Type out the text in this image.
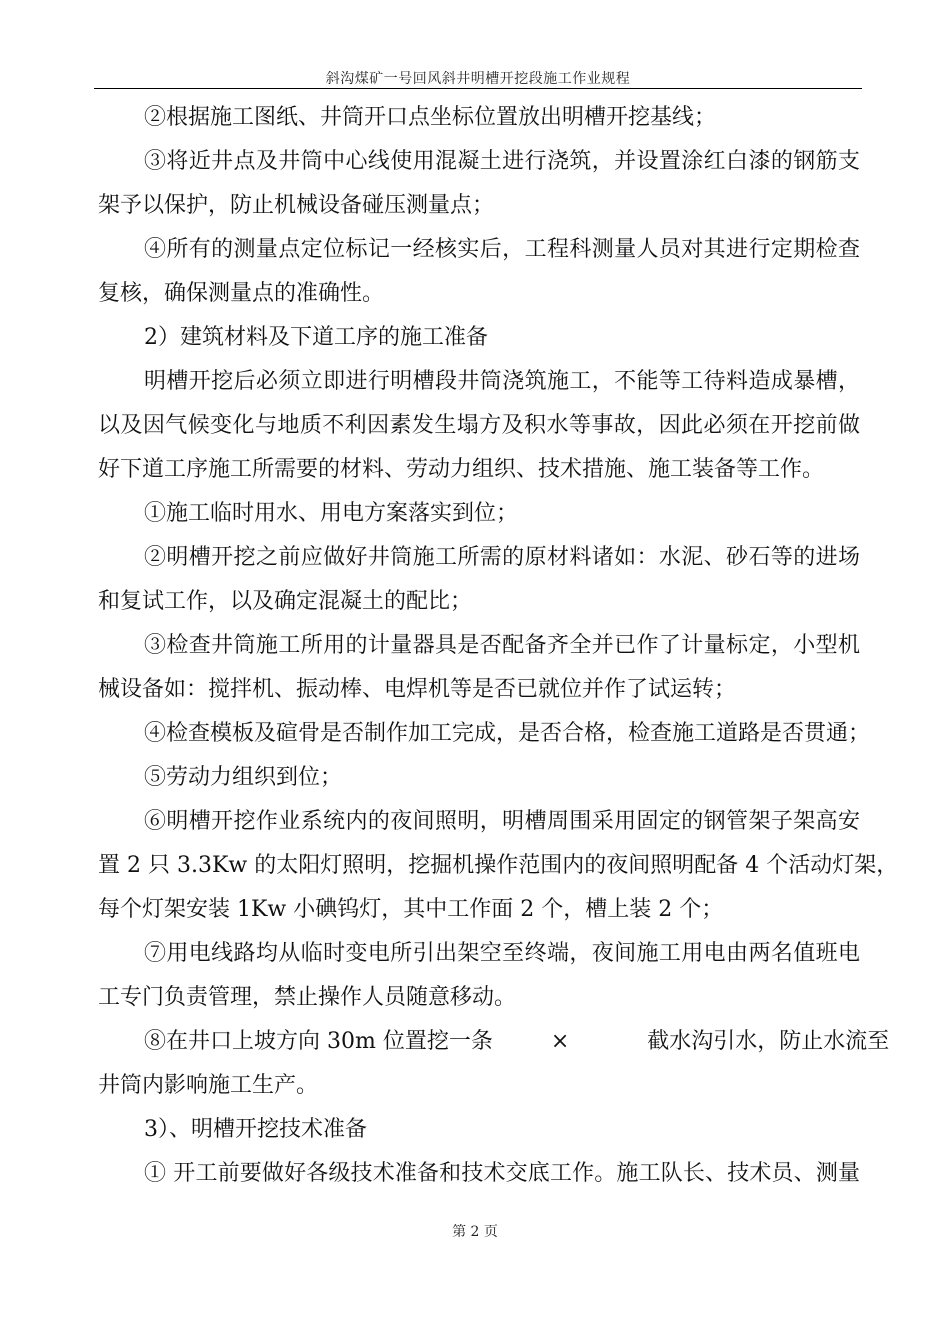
斜沟煤矿一号回风斜井明槽开挖段施工作业规程
②根据施工图纸、井筒开口点坐标位置放出明槽开挖基线；
③将近井点及井筒中心线使用混凝土进行浇筑，并设置涂红白漆的钢筋支
架予以保护，防止机械设备碰压测量点；
④所有的测量点定位标记一经核实后，工程科测量人员对其进行定期检查
复核，确保测量点的准确性。
2）建筑材料及下道工序的施工准备
明槽开挖后必须立即进行明槽段井筒浇筑施工，不能等工待料造成暴槽，
以及因气候变化与地质不利因素发生塌方及积水等事故，因此必须在开挖前做
好下道工序施工所需要的材料、劳动力组织、技术措施、施工装备等工作。
①施工临时用水、用电方案落实到位；
②明槽开挖之前应做好井筒施工所需的原材料诸如：水泥、砂石等的进场
和复试工作，以及确定混凝土的配比；
③检查井筒施工所用的计量器具是否配备齐全并已作了计量标定，小型机
械设备如：搅拌机、振动棒、电焊机等是否已就位并作了试运转；
④检查模板及碹骨是否制作加工完成，是否合格，检查施工道路是否贯通；
⑤劳动力组织到位；
⑥明槽开挖作业系统内的夜间照明，明槽周围采用固定的钢管架子架高安
置 2 只 3.3Kw 的太阳灯照明，挖掘机操作范围内的夜间照明配备 4 个活动灯架，
每个灯架安装 1Kw 小碘钨灯，其中工作面 2 个，槽上装 2 个；
⑦用电线路均从临时变电所引出架空至终端，夜间施工用电由两名值班电
工专门负责管理，禁止操作人员随意移动。
⑧在井口上坡方向 30m 位置挖一条	×	截水沟引水，防止水流至
井筒内影响施工生产。
3）、明槽开挖技术准备
① 开工前要做好各级技术准备和技术交底工作。施工队长、技术员、测量
第 2 页
